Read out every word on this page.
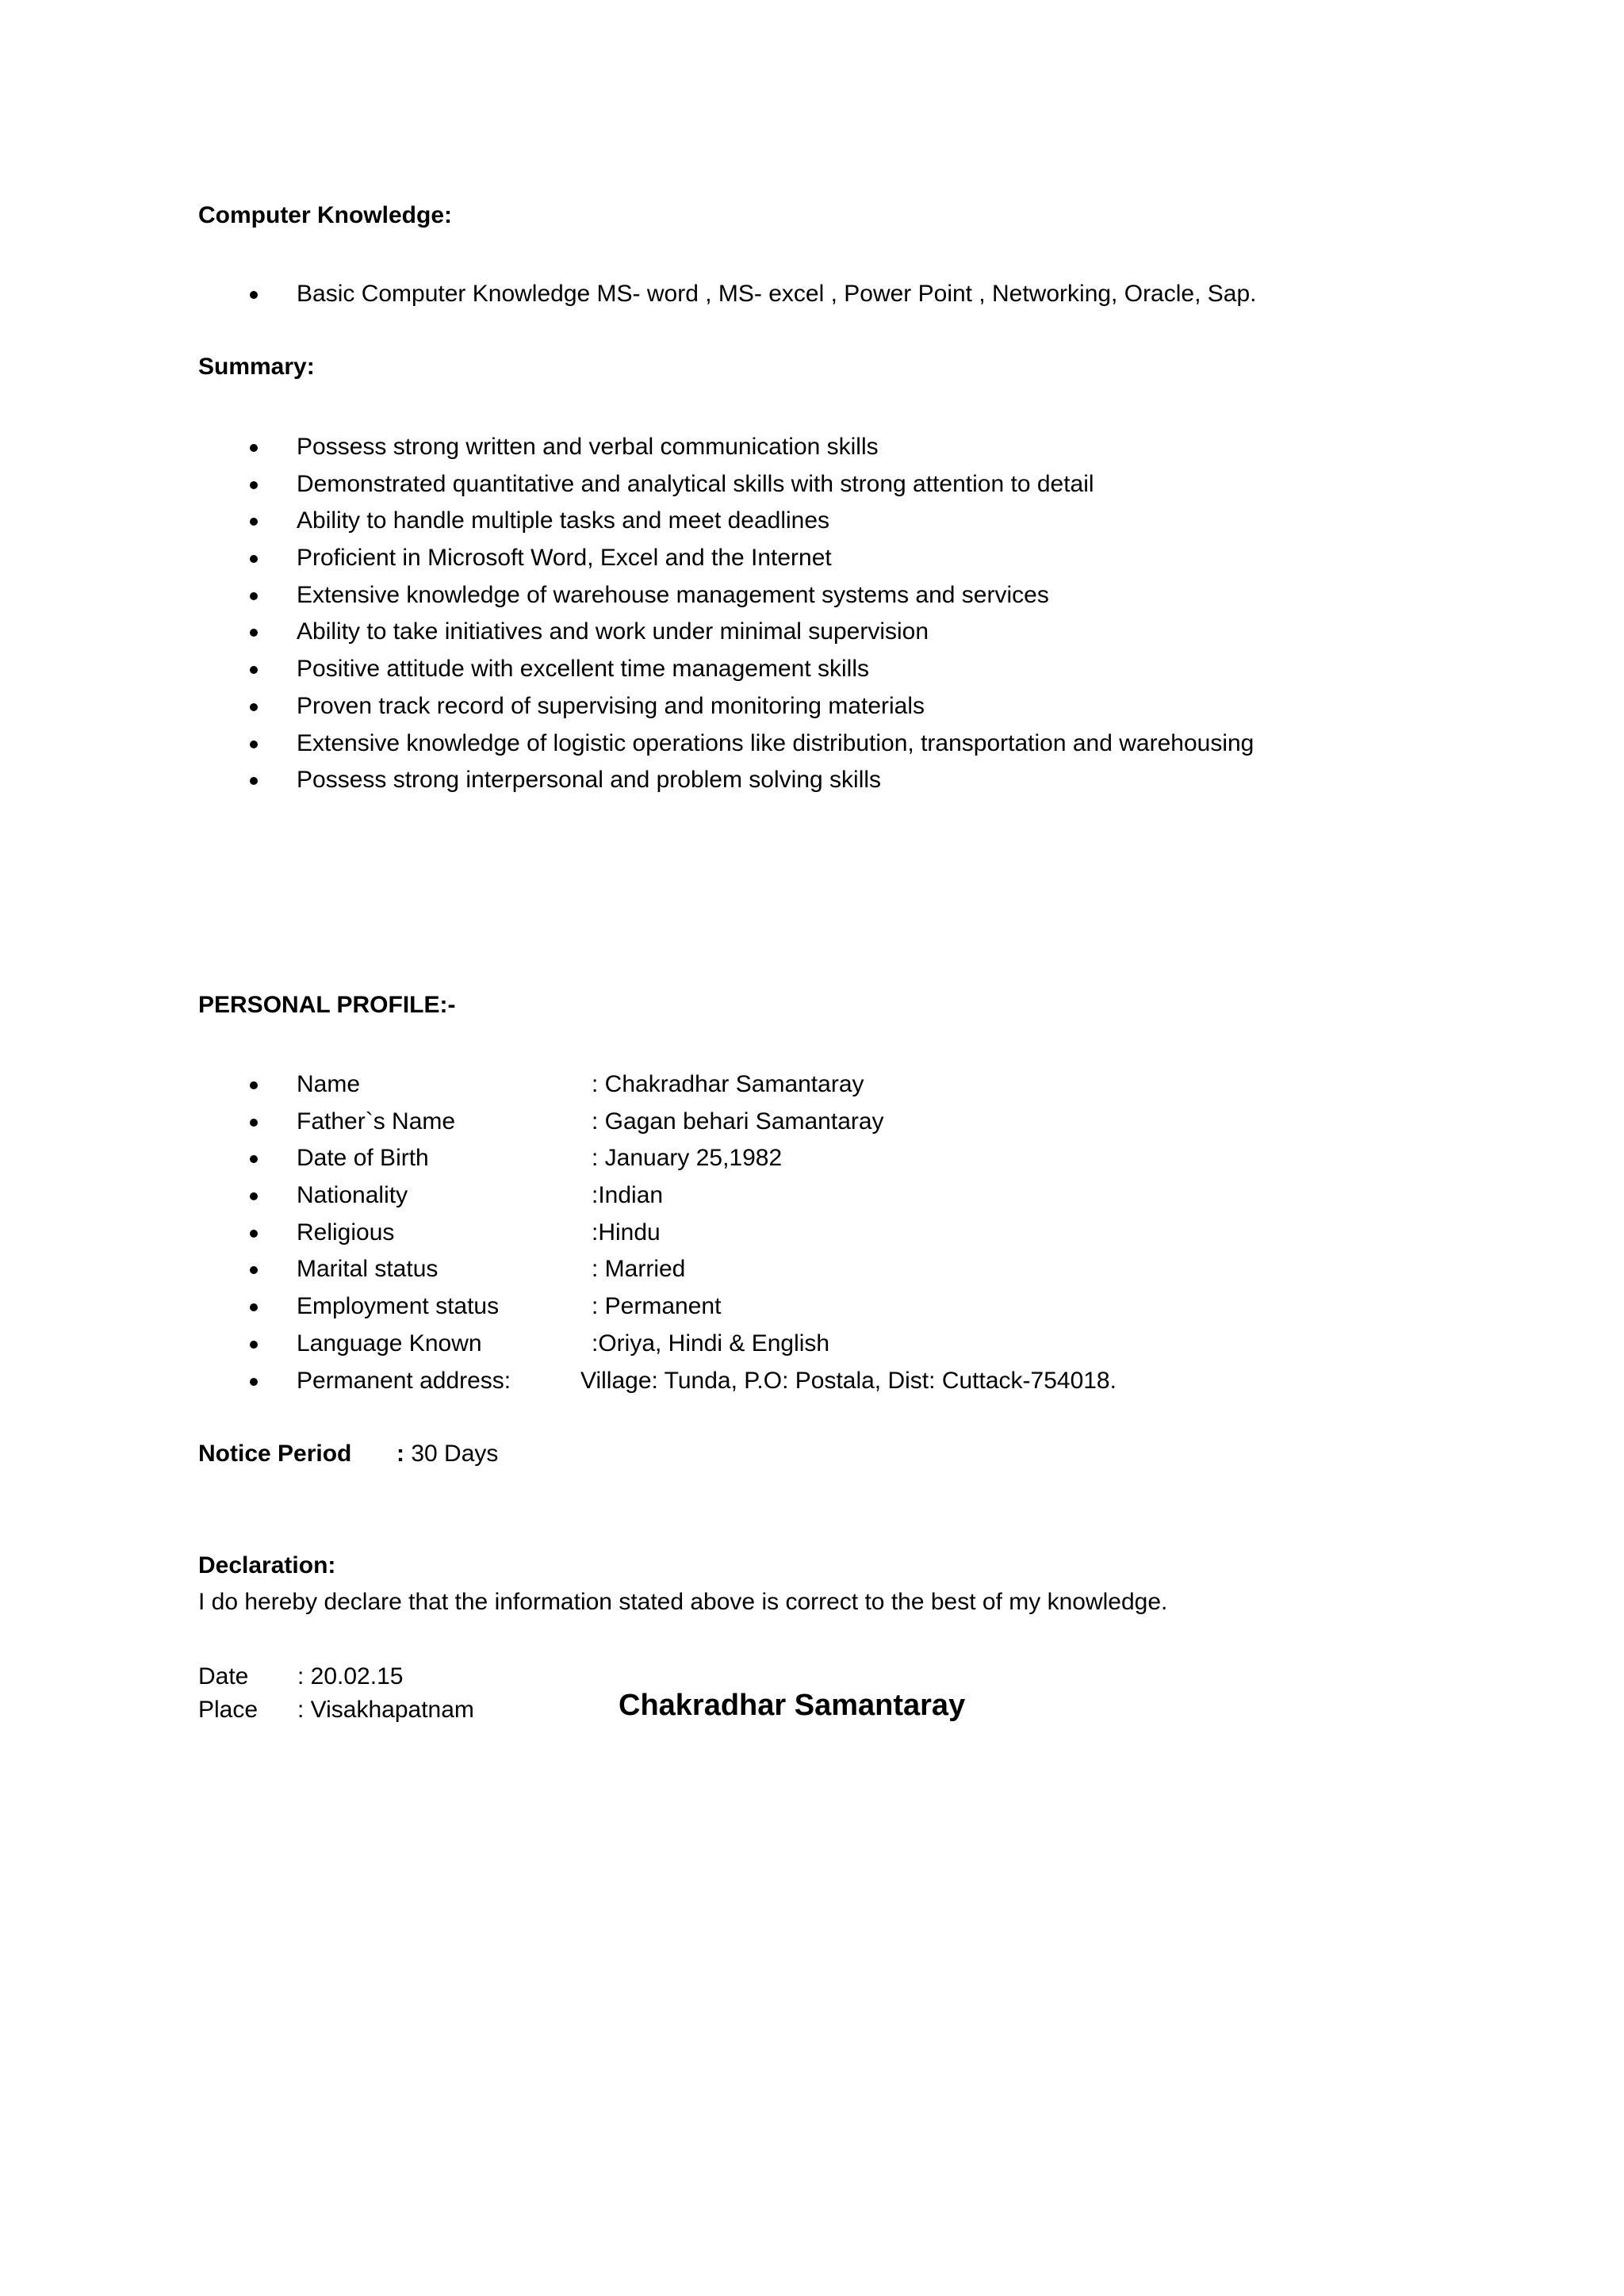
Computer Knowledge:
Basic Computer Knowledge MS- word , MS- excel , Power Point , Networking, Oracle, Sap.
Summary:
Possess strong written and verbal communication skills
Demonstrated quantitative and analytical skills with strong attention to detail
Ability to handle multiple tasks and meet deadlines
Proficient in Microsoft Word, Excel and the Internet
Extensive knowledge of warehouse management systems and services
Ability to take initiatives and work under minimal supervision
Positive attitude with excellent time management skills
Proven track record of supervising and monitoring materials
Extensive knowledge of logistic operations like distribution, transportation and warehousing
Possess strong interpersonal and problem solving skills
PERSONAL PROFILE:-
Name	: Chakradhar Samantaray
Father`s Name	: Gagan behari Samantaray
Date of Birth	: January 25,1982
Nationality	:Indian
Religious	:Hindu
Marital status	: Married
Employment status	: Permanent
Language Known	:Oriya, Hindi & English
Permanent address:	Village: Tunda, P.O: Postala, Dist: Cuttack-754018.
Notice Period : 30 Days
Declaration:
I do hereby declare that the information stated above is correct to the best of my knowledge.
Date : 20.02.15
Place : Visakhapatnam	Chakradhar Samantaray
